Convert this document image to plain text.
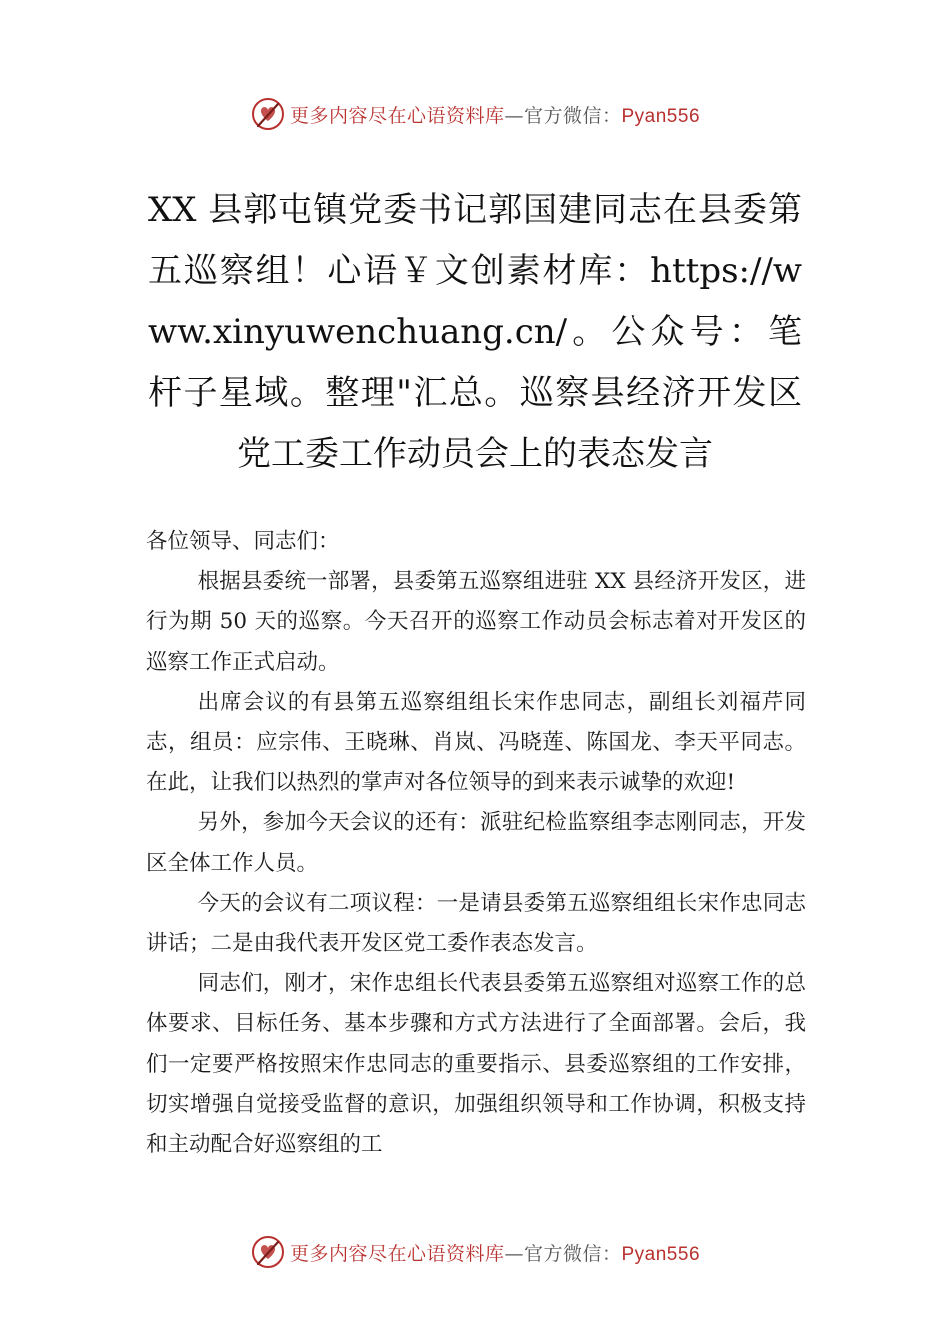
更多内容尽在心语资料库—官方微信：Pyan556
XX 县郭屯镇党委书记郭国建同志在县委第五巡察组！心语￥文创素材库：https://www.xinyuwenchuang.cn/。公众号：笔杆子星域。整理"汇总。巡察县经济开发区党工委工作动员会上的表态发言

各位领导、同志们：

根据县委统一部署，县委第五巡察组进驻 XX 县经济开发区，进行为期 50 天的巡察。今天召开的巡察工作动员会标志着对开发区的巡察工作正式启动。

出席会议的有县第五巡察组组长宋作忠同志，副组长刘福芹同志，组员：应宗伟、王晓琳、肖岚、冯晓莲、陈国龙、李天平同志。在此，让我们以热烈的掌声对各位领导的到来表示诚挚的欢迎!

另外，参加今天会议的还有：派驻纪检监察组李志刚同志，开发区全体工作人员。

今天的会议有二项议程：一是请县委第五巡察组组长宋作忠同志讲话；二是由我代表开发区党工委作表态发言。

同志们，刚才，宋作忠组长代表县委第五巡察组对巡察工作的总体要求、目标任务、基本步骤和方式方法进行了全面部署。会后，我们一定要严格按照宋作忠同志的重要指示、县委巡察组的工作安排，切实增强自觉接受监督的意识，加强组织领导和工作协调，积极支持和主动配合好巡察组的工

更多内容尽在心语资料库—官方微信：Pyan556
